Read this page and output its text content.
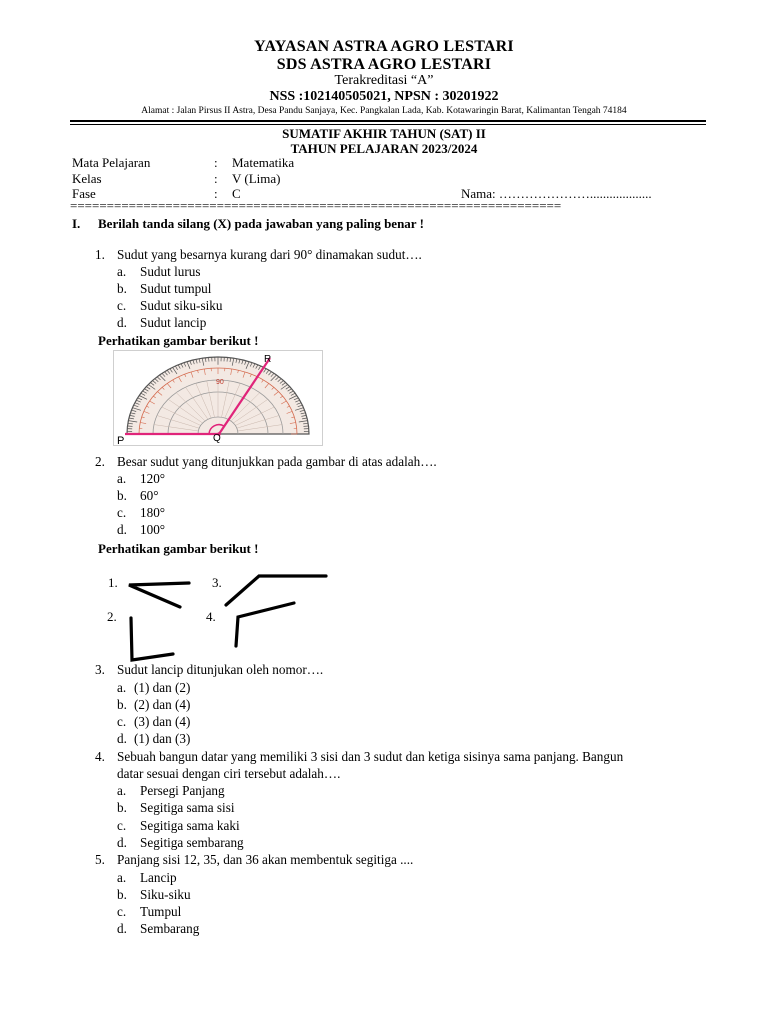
YAYASAN ASTRA AGRO LESTARI
SDS ASTRA AGRO LESTARI
Terakreditasi “A”
NSS :102140505021, NPSN : 30201922
Alamat : Jalan Pirsus II Astra, Desa Pandu Sanjaya, Kec. Pangkalan Lada, Kab. Kotawaringin Barat, Kalimantan Tengah 74184
SUMATIF AKHIR TAHUN (SAT) II
TAHUN PELAJARAN 2023/2024
Mata Pelajaran	: Matematika
Kelas	: V (Lima)
Fase	: C	Nama: …………………...................
===================================================================
I. Berilah tanda silang (X) pada jawaban yang paling benar !
1. Sudut yang besarnya kurang dari 90° dinamakan sudut….
a. Sudut lurus
b. Sudut tumpul
c. Sudut siku-siku
d. Sudut lancip
Perhatikan gambar berikut !
90
R
Q
P
2. Besar sudut yang ditunjukkan pada gambar di atas adalah….
a. 120°
b. 60°
c. 180°
d. 100°
Perhatikan gambar berikut !
1.	3.
2.	4.
3. Sudut lancip ditunjukan oleh nomor….
a. (1) dan (2)
b. (2) dan (4)
c. (3) dan (4)
d. (1) dan (3)
4. Sebuah bangun datar yang memiliki 3 sisi dan 3 sudut dan ketiga sisinya sama panjang. Bangun
datar sesuai dengan ciri tersebut adalah….
a. Persegi Panjang
b. Segitiga sama sisi
c. Segitiga sama kaki
d. Segitiga sembarang
5. Panjang sisi 12, 35, dan 36 akan membentuk segitiga ....
a. Lancip
b. Siku-siku
c. Tumpul
d. Sembarang
